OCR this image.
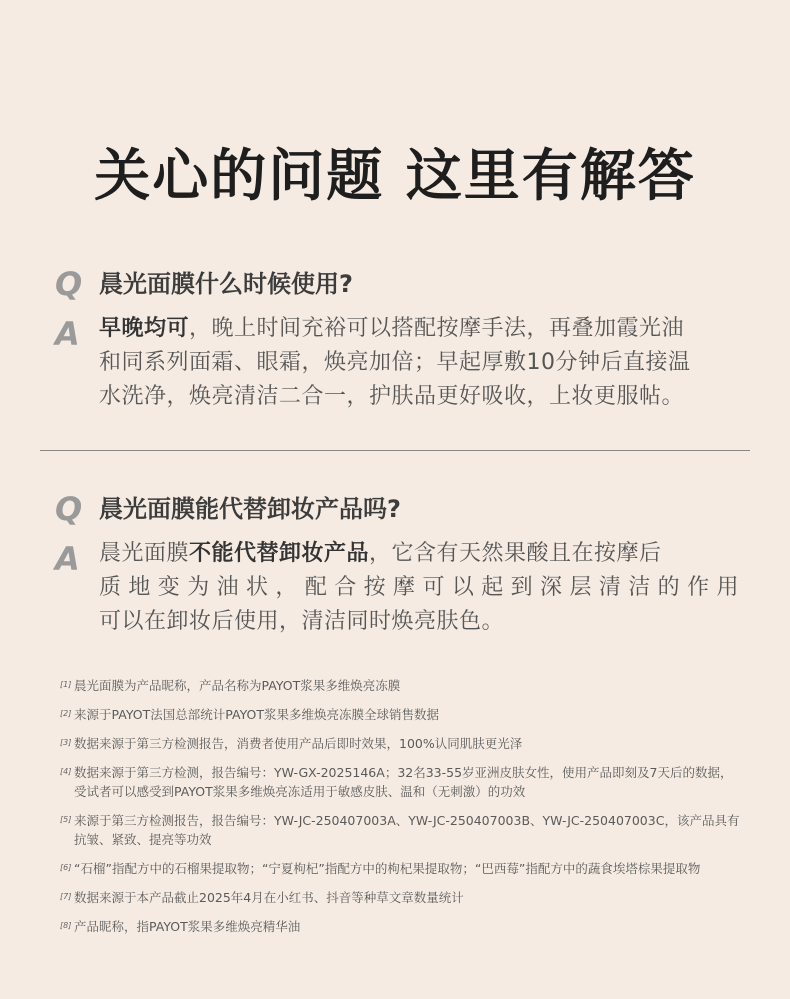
关心的问题 这里有解答
Q 晨光面膜什么时候使用?
A 早晚均可，晚上时间充裕可以搭配按摩手法，再叠加霞光油
和同系列面霜、眼霜，焕亮加倍；早起厚敷10分钟后直接温
水洗净，焕亮清洁二合一，护肤品更好吸收，上妆更服帖。
Q 晨光面膜能代替卸妆产品吗?
A 晨光面膜不能代替卸妆产品，它含有天然果酸且在按摩后
质地变为油状，配合按摩可以起到深层清洁的作用
可以在卸妆后使用，清洁同时焕亮肤色。
[1] 晨光面膜为产品昵称，产品名称为PAYOT浆果多维焕亮冻膜
[2] 来源于PAYOT法国总部统计PAYOT浆果多维焕亮冻膜全球销售数据
[3] 数据来源于第三方检测报告，消费者使用产品后即时效果，100%认同肌肤更光泽
[4] 数据来源于第三方检测，报告编号：YW-GX-2025146A；32名33-55岁亚洲皮肤女性，使用产品即刻及7天后的数据，受试者可以感受到PAYOT浆果多维焕亮冻适用于敏感皮肤、温和（无刺激）的功效
[5] 来源于第三方检测报告，报告编号：YW-JC-250407003A、YW-JC-250407003B、YW-JC-250407003C，该产品具有抗皱、紧致、提亮等功效
[6] “石榴”指配方中的石榴果提取物；“宁夏枸杞”指配方中的枸杞果提取物；“巴西莓”指配方中的蔬食埃塔棕果提取物
[7] 数据来源于本产品截止2025年4月在小红书、抖音等种草文章数量统计
[8] 产品昵称，指PAYOT浆果多维焕亮精华油
